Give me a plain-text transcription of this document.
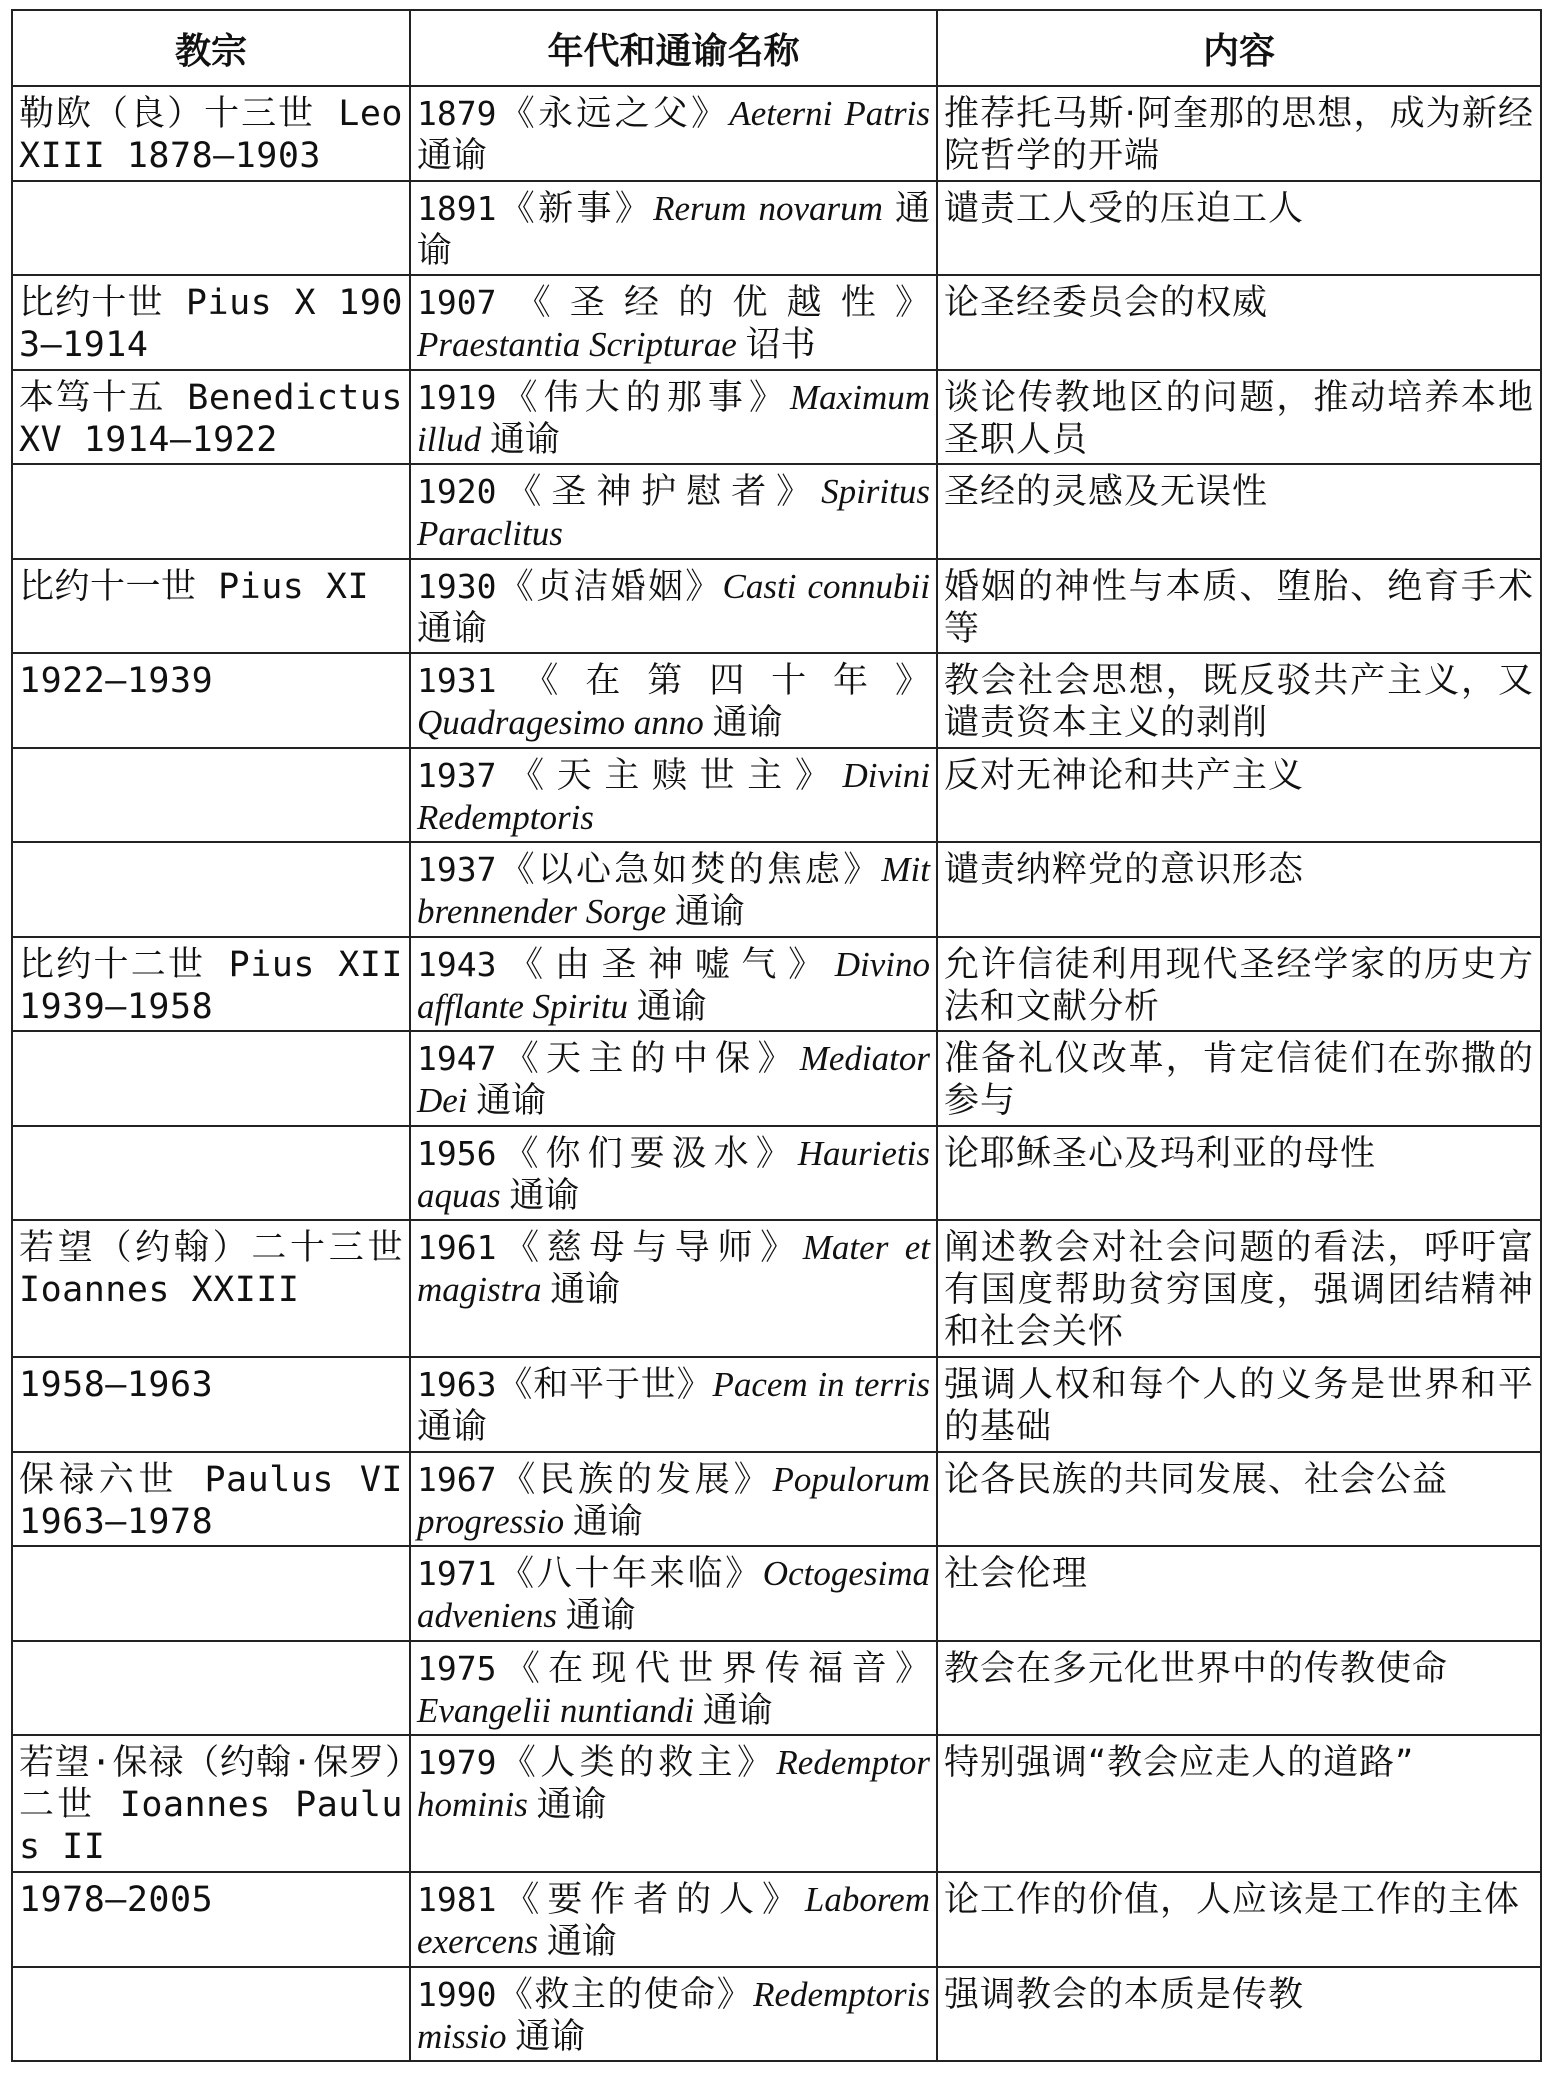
教宗	年代和通谕名称	内容
勒欧（良）十三世 Leo XIII 1878–1903	1879《永远之父》Aeterni Patris 通谕	推荐托马斯·阿奎那的思想，成为新经院哲学的开端
	1891《新事》Rerum novarum 通谕	谴责工人受的压迫工人
比约十世 Pius X 1903–1914	1907《圣经的优越性》Praestantia Scripturae 诏书	论圣经委员会的权威
本笃十五 Benedictus XV 1914–1922	1919《伟大的那事》Maximum illud 通谕	谈论传教地区的问题，推动培养本地圣职人员
	1920《圣神护慰者》Spiritus Paraclitus	圣经的灵感及无误性
比约十一世 Pius XI	1930《贞洁婚姻》Casti connubii 通谕	婚姻的神性与本质、堕胎、绝育手术等
1922–1939	1931《在第四十年》Quadragesimo anno 通谕	教会社会思想，既反驳共产主义，又谴责资本主义的剥削
	1937《天主赎世主》Divini Redemptoris	反对无神论和共产主义
	1937《以心急如焚的焦虑》Mit brennender Sorge 通谕	谴责纳粹党的意识形态
比约十二世 Pius XII 1939–1958	1943《由圣神嘘气》Divino afflante Spiritu 通谕	允许信徒利用现代圣经学家的历史方法和文献分析
	1947《天主的中保》Mediator Dei 通谕	准备礼仪改革，肯定信徒们在弥撒的参与
	1956《你们要汲水》Haurietis aquas 通谕	论耶稣圣心及玛利亚的母性
若望（约翰）二十三世 Ioannes XXIII	1961《慈母与导师》Mater et magistra 通谕	阐述教会对社会问题的看法，呼吁富有国度帮助贫穷国度，强调团结精神和社会关怀
1958–1963	1963《和平于世》Pacem in terris 通谕	强调人权和每个人的义务是世界和平的基础
保禄六世 Paulus VI 1963–1978	1967《民族的发展》Populorum progressio 通谕	论各民族的共同发展、社会公益
	1971《八十年来临》Octogesima adveniens 通谕	社会伦理
	1975《在现代世界传福音》Evangelii nuntiandi 通谕	教会在多元化世界中的传教使命
若望·保禄（约翰·保罗）二世 Ioannes Paulus II	1979《人类的救主》Redemptor hominis 通谕	特别强调“教会应走人的道路”
1978–2005	1981《要作者的人》Laborem exercens 通谕	论工作的价值，人应该是工作的主体
	1990《救主的使命》Redemptoris missio 通谕	强调教会的本质是传教
